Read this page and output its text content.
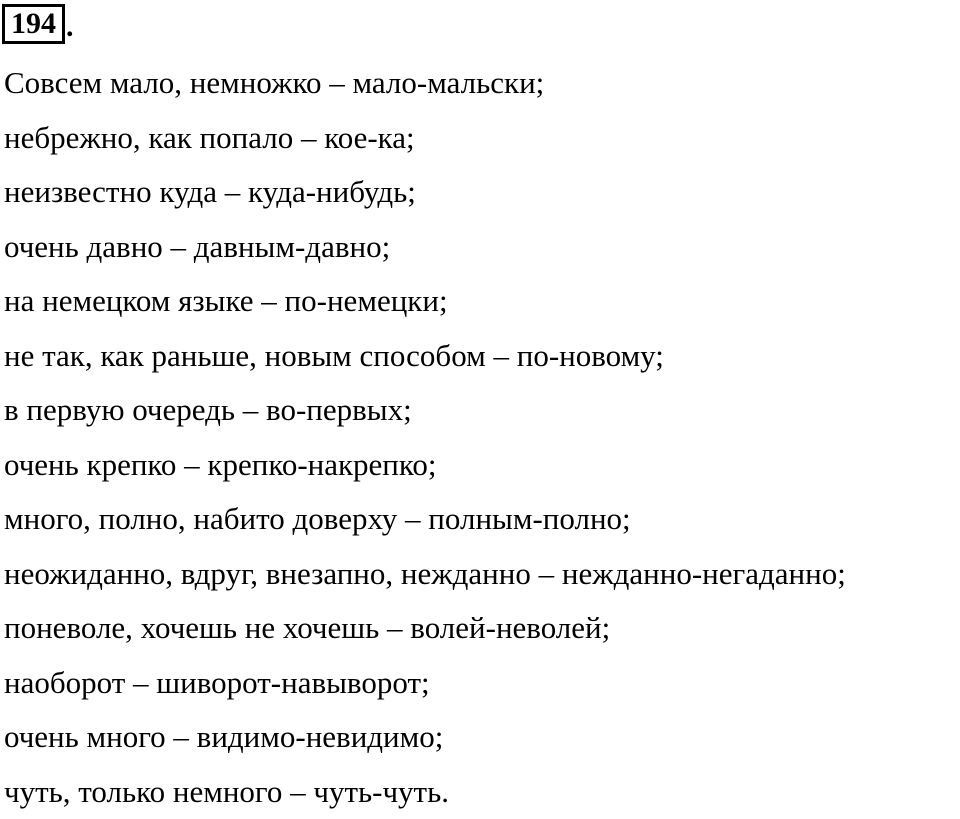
194 .
Совсем мало, немножко – мало-мальски;
небрежно, как попало – кое-ка;
неизвестно куда – куда-нибудь;
очень давно – давным-давно;
на немецком языке – по-немецки;
не так, как раньше, новым способом – по-новому;
в первую очередь – во-первых;
очень крепко – крепко-накрепко;
много, полно, набито доверху – полным-полно;
неожиданно, вдруг, внезапно, нежданно – нежданно-негаданно;
поневоле, хочешь не хочешь – волей-неволей;
наоборот – шиворот-навыворот;
очень много – видимо-невидимо;
чуть, только немного – чуть-чуть.
